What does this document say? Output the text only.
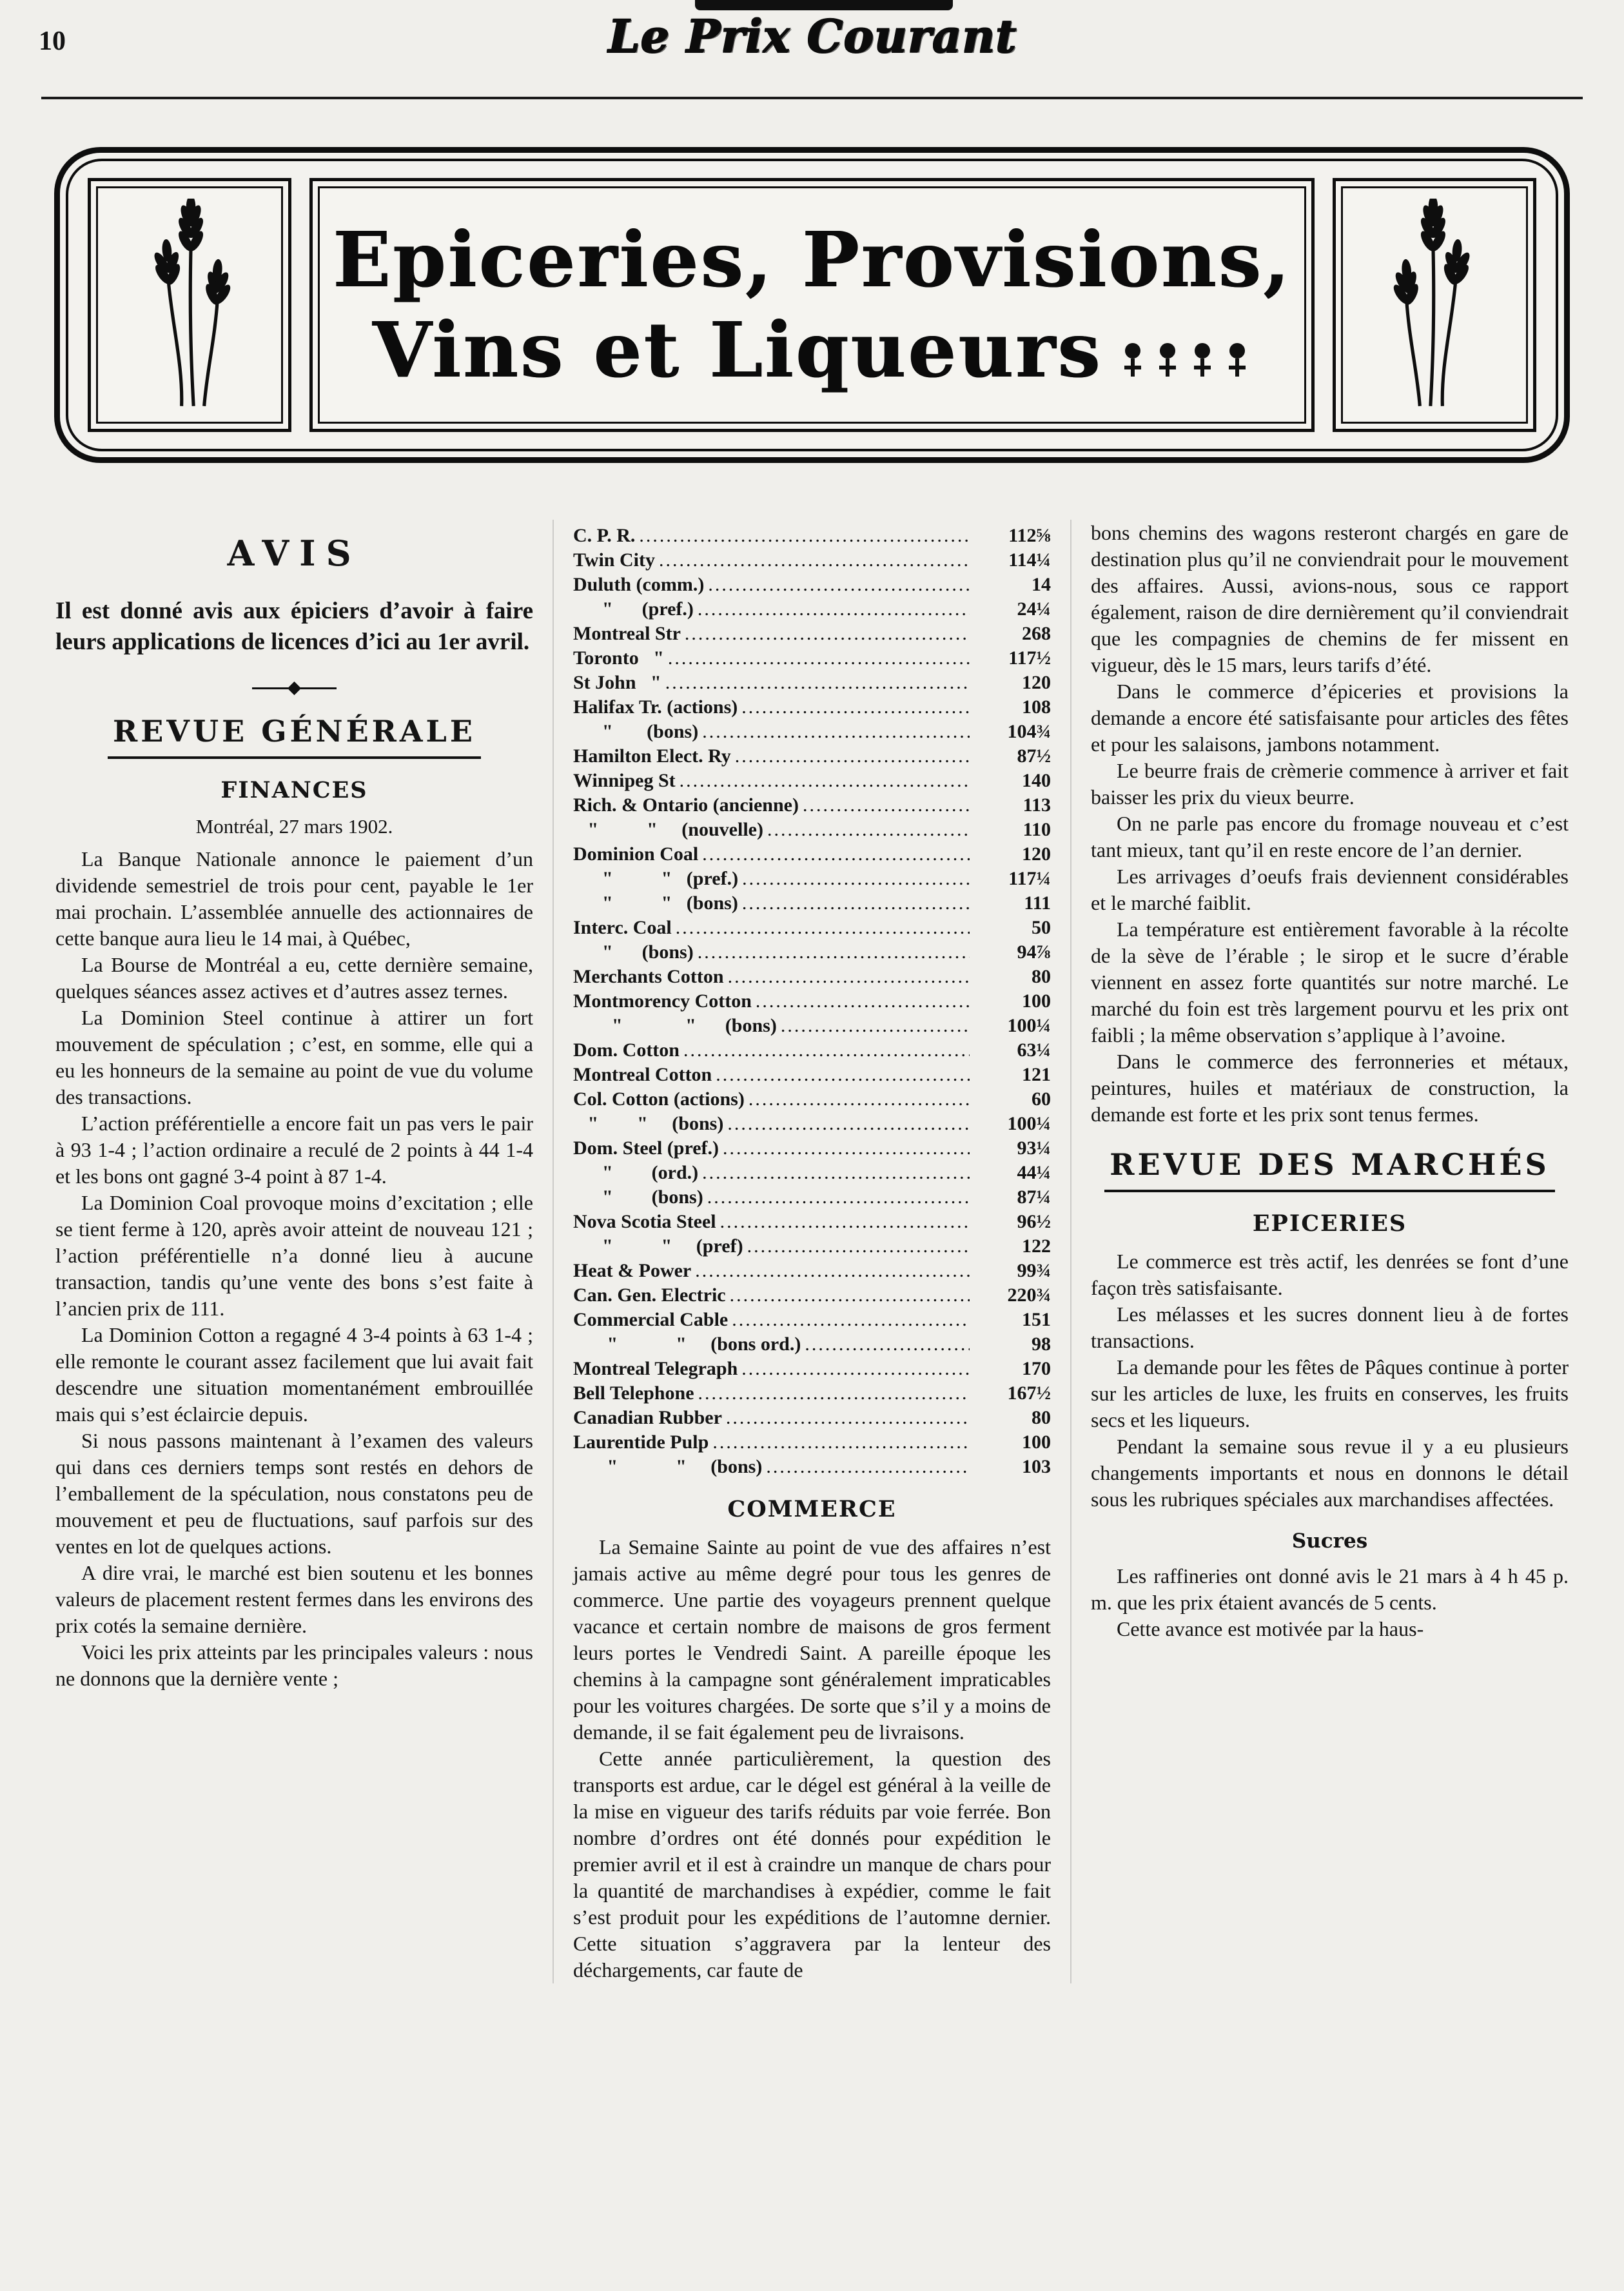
10	Le Prix Courant
Epiceries, Provisions,
Vins et Liqueurs
AVIS

Il est donné avis aux épiciers d’avoir à faire leurs applications de licences d’ici au 1er avril.

REVUE GÉNÉRALE
FINANCES

Montréal, 27 mars 1902.

La Banque Nationale annonce le paiement d’un dividende semestriel de trois pour cent, payable le 1er mai prochain. L’assemblée annuelle des actionnaires de cette banque aura lieu le 14 mai, à Québec,

La Bourse de Montréal a eu, cette dernière semaine, quelques séances assez actives et d’autres assez ternes.

La Dominion Steel continue à attirer un fort mouvement de spéculation ; c’est, en somme, elle qui a eu les honneurs de la semaine au point de vue du volume des transactions.

L’action préférentielle a encore fait un pas vers le pair à 93 1-4 ; l’action ordinaire a reculé de 2 points à 44 1-4 et les bons ont gagné 3-4 point à 87 1-4.

La Dominion Coal provoque moins d’excitation ; elle se tient ferme à 120, après avoir atteint de nouveau 121 ; l’action préférentielle n’a donné lieu à aucune transaction, tandis qu’une vente des bons s’est faite à l’ancien prix de 111.

La Dominion Cotton a regagné 4 3-4 points à 63 1-4 ; elle remonte le courant assez facilement que lui avait fait descendre une situation momentanément embrouillée mais qui s’est éclaircie depuis.

Si nous passons maintenant à l’examen des valeurs qui dans ces derniers temps sont restés en dehors de l’emballement de la spéculation, nous constatons peu de mouvement et peu de fluctuations, sauf parfois sur des ventes en lot de quelques actions.

A dire vrai, le marché est bien soutenu et les bonnes valeurs de placement restent fermes dans les environs des prix cotés la semaine dernière.

Voici les prix atteints par les principales valeurs : nous ne donnons que la dernière vente ;

C. P. R. .....	112⅝
Twin City .....	114¼
Duluth (comm.) .....	14
"      (pref.) .....	24¼
Montreal Str .....	268
Toronto   " .....	117½
St John   " .....	120
Halifax Tr. (actions) .....	108
"       (bons) .....	104¾
Hamilton Elect. Ry .....	87½
Winnipeg St .....	140
Rich. & Ontario (ancienne) .....	113
"          "     (nouvelle) .....	110
Dominion Coal .....	120
"          "   (pref.) .....	117¼
"          "   (bons) .....	111
Interc. Coal .....	50
"      (bons) .....	94⅞
Merchants Cotton .....	80
Montmorency Cotton .....	100
"             "      (bons) .....	100¼
Dom. Cotton .....	63¼
Montreal Cotton .....	121
Col. Cotton (actions) .....	60
"        "     (bons) .....	100¼
Dom. Steel (pref.) .....	93¼
"        (ord.) .....	44¼
"        (bons) .....	87¼
Nova Scotia Steel .....	96½
"          "     (pref) .....	122
Heat & Power .....	99¾
Can. Gen. Electric .....	220¾
Commercial Cable .....	151
"            "     (bons ord.) .....	98
Montreal Telegraph .....	170
Bell Telephone .....	167½
Canadian Rubber .....	80
Laurentide Pulp .....	100
"            "     (bons) .....	103
COMMERCE

La Semaine Sainte au point de vue des affaires n’est jamais active au même degré pour tous les genres de commerce. Une partie des voyageurs prennent quelque vacance et certain nombre de maisons de gros ferment leurs portes le Vendredi Saint. A pareille époque les chemins à la campagne sont généralement impraticables pour les voitures chargées. De sorte que s’il y a moins de demande, il se fait également peu de livraisons.

Cette année particulièrement, la question des transports est ardue, car le dégel est général à la veille de la mise en vigueur des tarifs réduits par voie ferrée. Bon nombre d’ordres ont été donnés pour expédition le premier avril et il est à craindre un manque de chars pour la quantité de marchandises à expédier, comme le fait s’est produit pour les expéditions de l’automne dernier. Cette situation s’aggravera par la lenteur des déchargements, car faute de

bons chemins des wagons resteront chargés en gare de destination plus qu’il ne conviendrait pour le mouvement des affaires. Aussi, avions-nous, sous ce rapport également, raison de dire dernièrement qu’il conviendrait que les compagnies de chemins de fer missent en vigueur, dès le 15 mars, leurs tarifs d’été.

Dans le commerce d’épiceries et provisions la demande a encore été satisfaisante pour articles des fêtes et pour les salaisons, jambons notamment.

Le beurre frais de crèmerie commence à arriver et fait baisser les prix du vieux beurre.

On ne parle pas encore du fromage nouveau et c’est tant mieux, tant qu’il en reste encore de l’an dernier.

Les arrivages d’oeufs frais deviennent considérables et le marché faiblit.

La température est entièrement favorable à la récolte de la sève de l’érable ; le sirop et le sucre d’érable viennent en assez forte quantités sur notre marché. Le marché du foin est très largement pourvu et les prix ont faibli ; la même observation s’applique à l’avoine.

Dans le commerce des ferronneries et métaux, peintures, huiles et matériaux de construction, la demande est forte et les prix sont tenus fermes.

REVUE DES MARCHÉS
EPICERIES

Le commerce est très actif, les denrées se font d’une façon très satisfaisante.

Les mélasses et les sucres donnent lieu à de fortes transactions.

La demande pour les fêtes de Pâques continue à porter sur les articles de luxe, les fruits en conserves, les fruits secs et les liqueurs.

Pendant la semaine sous revue il y a eu plusieurs changements importants et nous en donnons le détail sous les rubriques spéciales aux marchandises affectées.

Sucres

Les raffineries ont donné avis le 21 mars à 4 h 45 p. m. que les prix étaient avancés de 5 cents.

Cette avance est motivée par la haus-
